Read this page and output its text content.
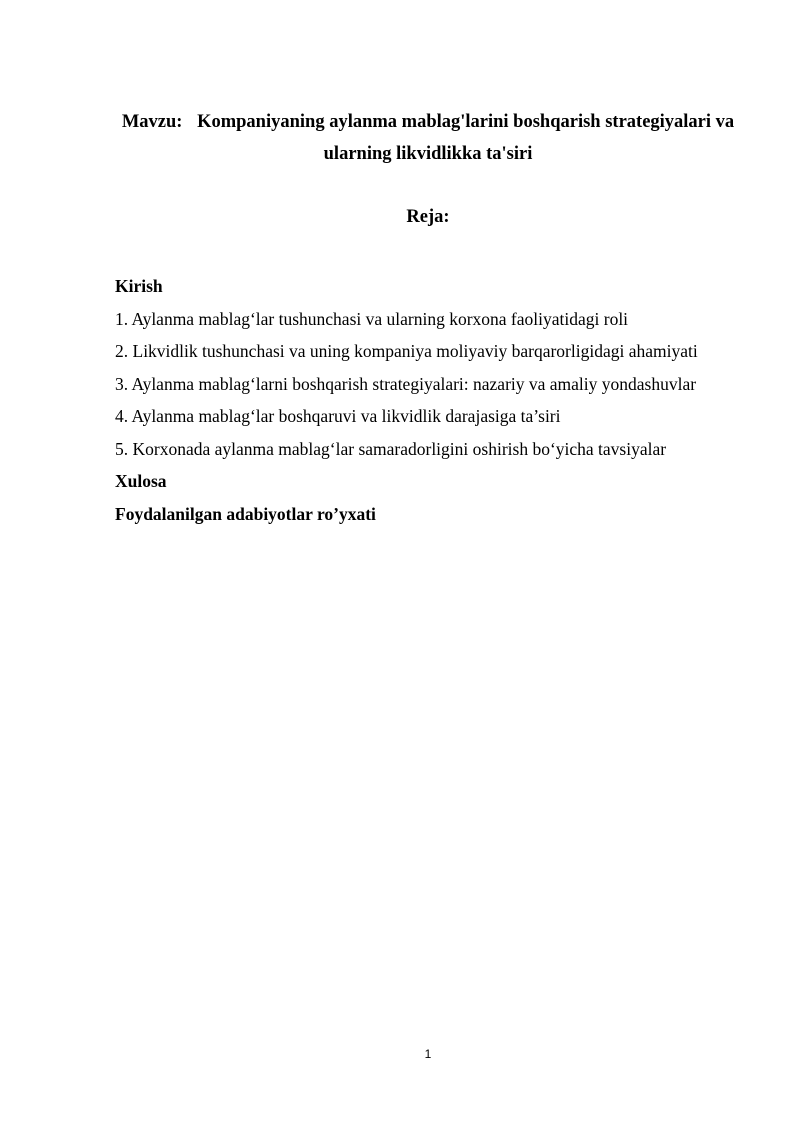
Mavzu: Kompaniyaning aylanma mablag'larini boshqarish strategiyalari va
ularning likvidlikka ta'siri
Reja:
Kirish
1. Aylanma mablag‘lar tushunchasi va ularning korxona faoliyatidagi roli
2. Likvidlik tushunchasi va uning kompaniya moliyaviy barqarorligidagi ahamiyati
3. Aylanma mablag‘larni boshqarish strategiyalari: nazariy va amaliy yondashuvlar
4. Aylanma mablag‘lar boshqaruvi va likvidlik darajasiga ta’siri
5. Korxonada aylanma mablag‘lar samaradorligini oshirish bo‘yicha tavsiyalar
Xulosa
Foydalanilgan adabiyotlar ro’yxati
1
